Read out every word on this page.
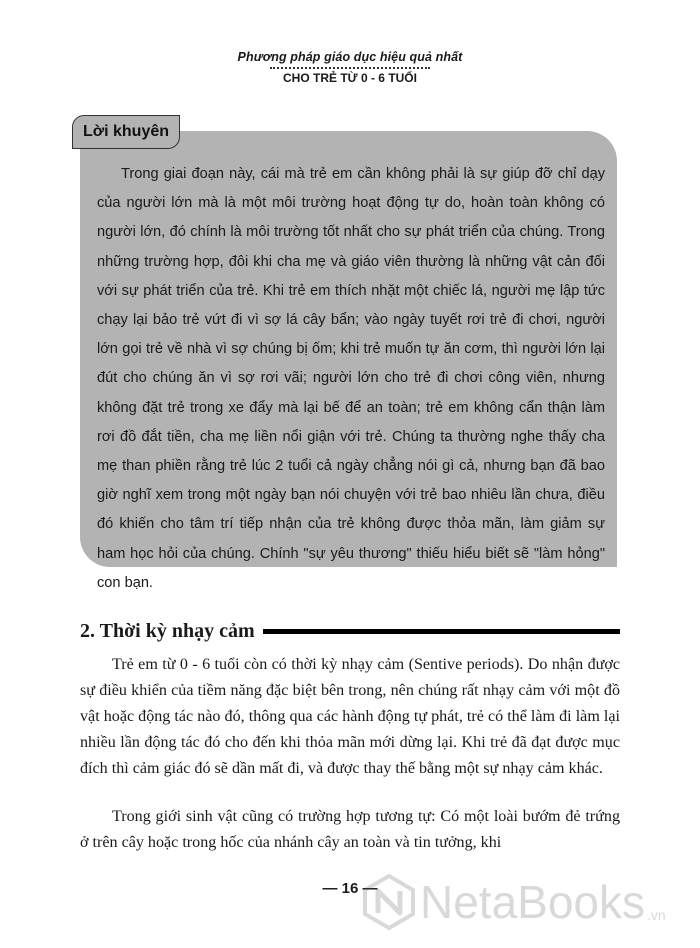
Phương pháp giáo dục hiệu quả nhất
CHO TRẺ TỪ 0 - 6 TUỔI
Lời khuyên

Trong giai đoạn này, cái mà trẻ em cần không phải là sự giúp đỡ chỉ dạy của người lớn mà là một môi trường hoạt động tự do, hoàn toàn không có người lớn, đó chính là môi trường tốt nhất cho sự phát triển của chúng. Trong những trường hợp, đôi khi cha mẹ và giáo viên thường là những vật cản đối với sự phát triển của trẻ. Khi trẻ em thích nhặt một chiếc lá, người mẹ lập tức chạy lại bảo trẻ vứt đi vì sợ lá cây bẩn; vào ngày tuyết rơi trẻ đi chơi, người lớn gọi trẻ về nhà vì sợ chúng bị ốm; khi trẻ muốn tự ăn cơm, thì người lớn lại đút cho chúng ăn vì sợ rơi vãi; người lớn cho trẻ đi chơi công viên, nhưng không đặt trẻ trong xe đẩy mà lại bế để an toàn; trẻ em không cẩn thận làm rơi đồ đắt tiền, cha mẹ liền nổi giận với trẻ. Chúng ta thường nghe thấy cha mẹ than phiền rằng trẻ lúc 2 tuổi cả ngày chẳng nói gì cả, nhưng bạn đã bao giờ nghĩ xem trong một ngày bạn nói chuyện với trẻ bao nhiêu lần chưa, điều đó khiến cho tâm trí tiếp nhận của trẻ không được thỏa mãn, làm giảm sự ham học hỏi của chúng. Chính "sự yêu thương" thiếu hiểu biết sẽ "làm hỏng" con bạn.

2. Thời kỳ nhạy cảm

Trẻ em từ 0 - 6 tuổi còn có thời kỳ nhạy cảm (Sentive periods). Do nhận được sự điều khiển của tiềm năng đặc biệt bên trong, nên chúng rất nhạy cảm với một đồ vật hoặc động tác nào đó, thông qua các hành động tự phát, trẻ có thể làm đi làm lại nhiều lần động tác đó cho đến khi thỏa mãn mới dừng lại. Khi trẻ đã đạt được mục đích thì cảm giác đó sẽ dần mất đi, và được thay thế bằng một sự nhạy cảm khác.

Trong giới sinh vật cũng có trường hợp tương tự: Có một loài bướm đẻ trứng ở trên cây hoặc trong hốc của nhánh cây an toàn và tin tưởng, khi

— 16 — NetaBooks .vn
